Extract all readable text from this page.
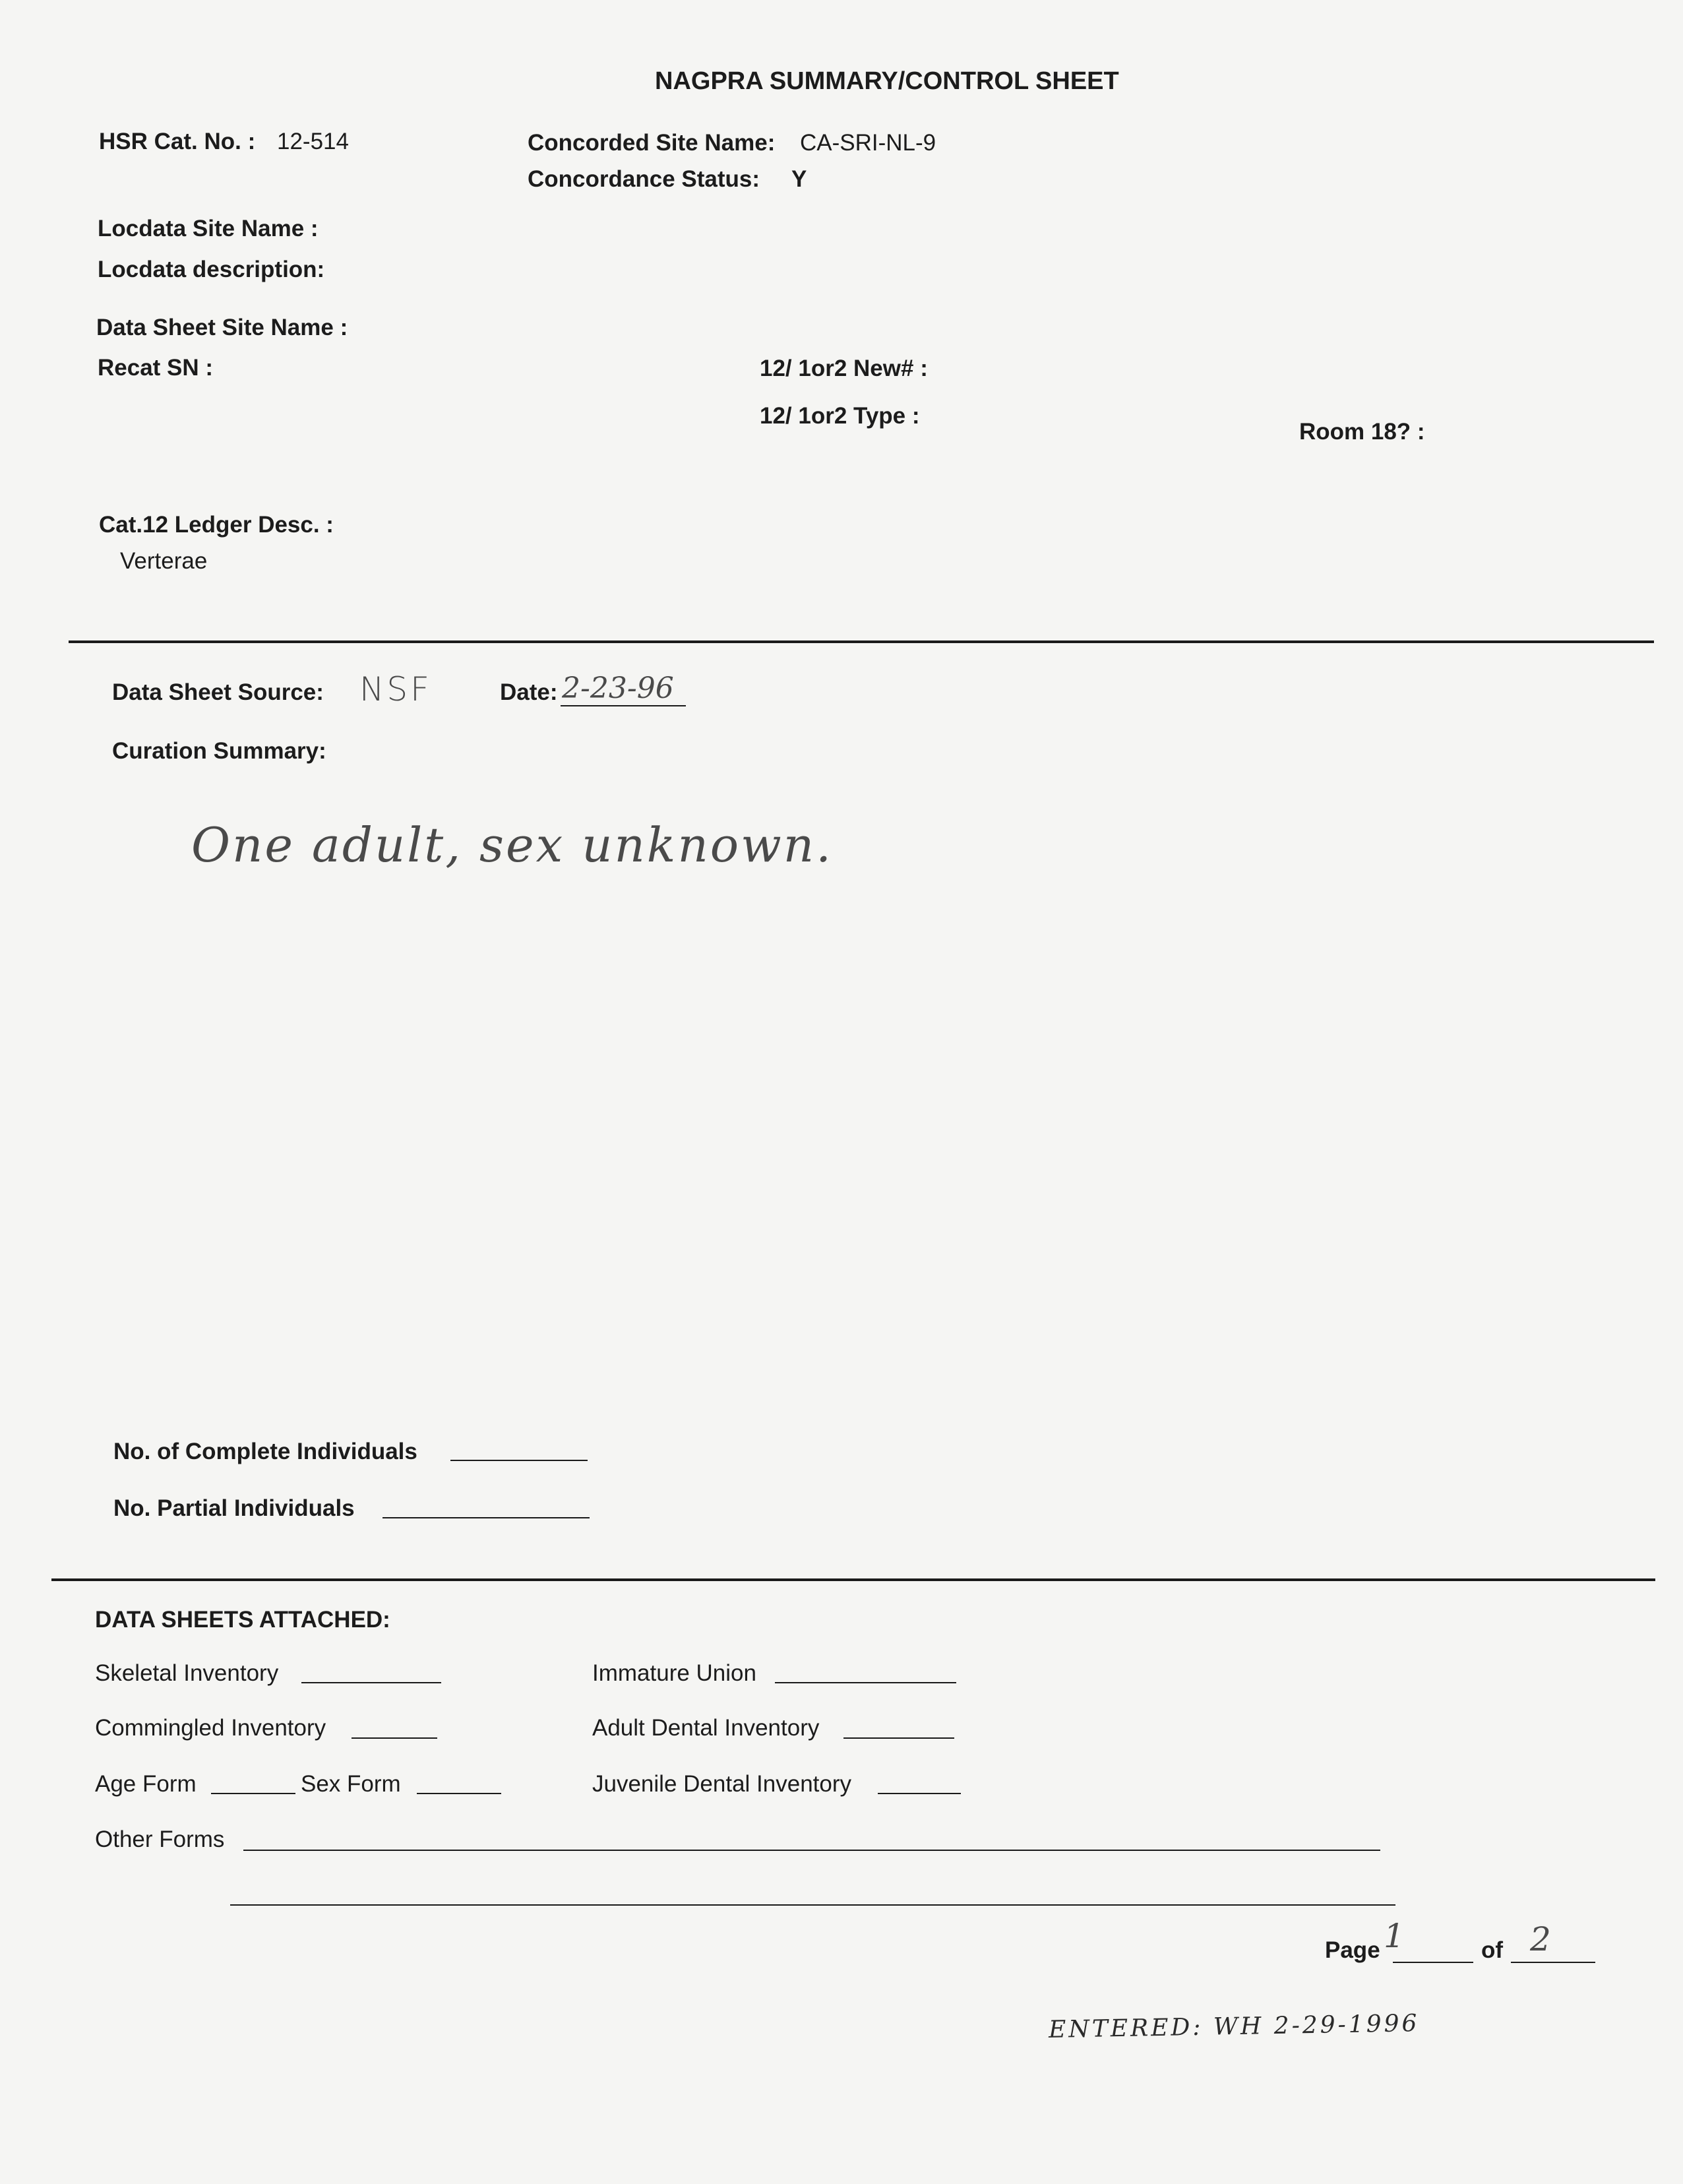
NAGPRA SUMMARY/CONTROL SHEET
HSR Cat. No. : 12-514	Concorded Site Name: CA-SRI-NL-9
Concordance Status: Y
Locdata Site Name :
Locdata description:
Data Sheet Site Name :
Recat SN :	12/ 1or2 New# :
12/ 1or2 Type :
Room 18? :
Cat.12 Ledger Desc. :
Verterae
Data Sheet Source: NSF	Date: 2-23-96
Curation Summary:
One adult, sex unknown.
No. of Complete Individuals
No. Partial Individuals
DATA SHEETS ATTACHED:
Skeletal Inventory	Immature Union
Commingled Inventory	Adult Dental Inventory
Age Form	Sex Form	Juvenile Dental Inventory
Other Forms
Page 1	of 2
ENTERED: WH 2-29-1996
